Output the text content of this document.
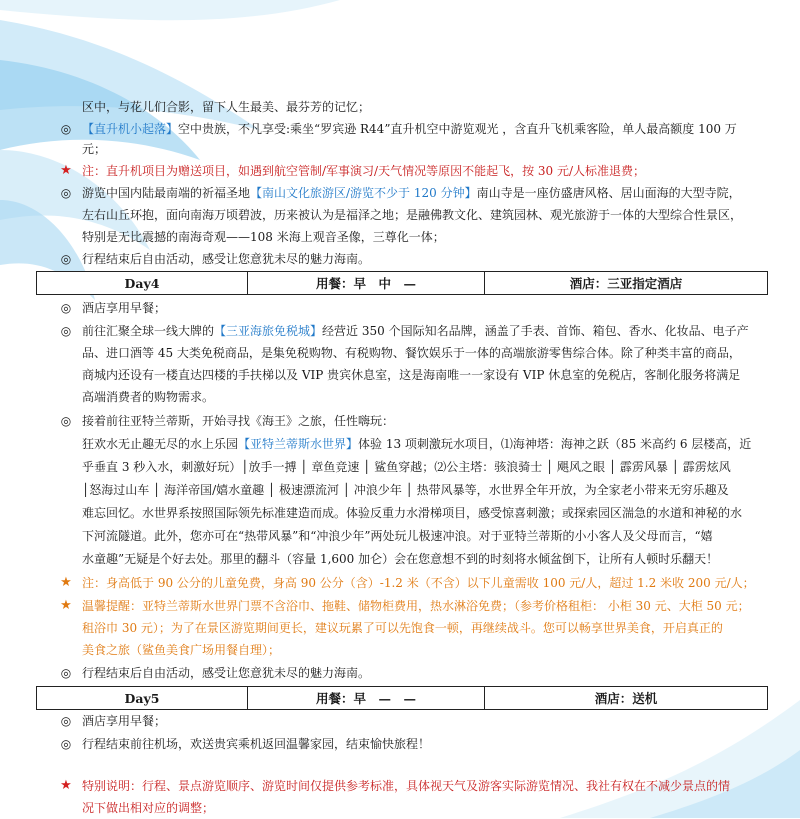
区中，与花儿们合影，留下人生最美、最芬芳的记忆；
◎ 【直升机小起落】空中贵族，不凡享受:乘坐“罗宾逊 R44”直升机空中游览观光 ，含直升飞机乘客险，单人最高额度 100 万
元；
★ 注：直升机项目为赠送项目，如遇到航空管制/军事演习/天气情况等原因不能起飞，按 30 元/人标准退费；
◎ 游览中国内陆最南端的祈福圣地【南山文化旅游区/游览不少于 120 分钟】南山寺是一座仿盛唐风格、居山面海的大型寺院，
左右山丘环抱，面向南海万顷碧波，历来被认为是福泽之地；是融佛教文化、建筑园林、观光旅游于一体的大型综合性景区，
特别是无比震撼的南海奇观——108 米海上观音圣像，三尊化一体；
◎ 行程结束后自由活动，感受让您意犹未尽的魅力海南。
Day4	用餐：早　中　—	酒店：三亚指定酒店
◎ 酒店享用早餐；
◎ 前往汇聚全球一线大牌的【三亚海旅免税城】经营近 350 个国际知名品牌，涵盖了手表、首饰、箱包、香水、化妆品、电子产
品、进口酒等 45 大类免税商品，是集免税购物、有税购物、餐饮娱乐于一体的高端旅游零售综合体。除了种类丰富的商品，
商城内还设有一楼直达四楼的手扶梯以及 VIP 贵宾休息室，这是海南唯一一家设有 VIP 休息室的免税店，客制化服务将满足
高端消费者的购物需求。
◎ 接着前往亚特兰蒂斯，开始寻找《海王》之旅，任性嗨玩：
狂欢水无止趣无尽的水上乐园【亚特兰蒂斯水世界】体验 13 项刺激玩水项目，⑴海神塔：海神之跃（85 米高约 6 层楼高，近
乎垂直 3 秒入水，刺激好玩）│放手一搏 │ 章鱼竞速 │ 鲨鱼穿越；⑵公主塔：骇浪骑士 │ 飓风之眼 │ 霹雳风暴 │ 霹雳炫风
│怒海过山车 │ 海洋帝国/嬉水童趣 │ 极速漂流河 │ 冲浪少年 │ 热带风暴等，水世界全年开放，为全家老小带来无穷乐趣及
难忘回忆。水世界系按照国际领先标准建造而成。体验反重力水滑梯项目，感受惊喜刺激；或探索园区湍急的水道和神秘的水
下河流隧道。此外，您亦可在“热带风暴”和“冲浪少年”两处玩儿极速冲浪。对于亚特兰蒂斯的小小客人及父母而言，“嬉
水童趣”无疑是个好去处。那里的翻斗（容量 1,600 加仑）会在您意想不到的时刻将水倾盆倒下，让所有人顿时乐翻天！
★ 注：身高低于 90 公分的儿童免费，身高 90 公分（含）-1.2 米（不含）以下儿童需收 100 元/人，超过 1.2 米收 200 元/人；
★ 温馨提醒：亚特兰蒂斯水世界门票不含浴巾、拖鞋、储物柜费用，热水淋浴免费；（参考价格租柜： 小柜 30 元、大柜 50 元；
租浴巾 30 元）；为了在景区游览期间更长，建议玩累了可以先饱食一顿，再继续战斗。您可以畅享世界美食，开启真正的
美食之旅（鲨鱼美食广场用餐自理）；
◎ 行程结束后自由活动，感受让您意犹未尽的魅力海南。
Day5	用餐：早　—　—	酒店：送机
◎ 酒店享用早餐；
◎ 行程结束前往机场，欢送贵宾乘机返回温馨家园，结束愉快旅程！
★ 特别说明：行程、景点游览顺序、游览时间仅提供参考标准，具体视天气及游客实际游览情况、我社有权在不减少景点的情
况下做出相对应的调整；
